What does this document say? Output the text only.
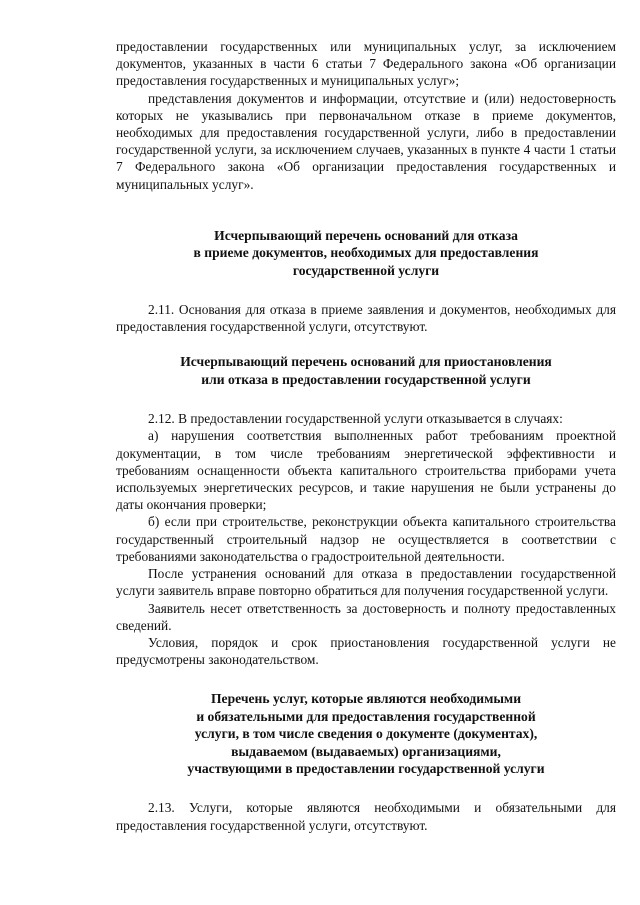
предоставлении государственных или муниципальных услуг, за исключением документов, указанных в части 6 статьи 7 Федерального закона «Об организации предоставления государственных и муниципальных услуг»;

представления документов и информации, отсутствие и (или) недостоверность которых не указывались при первоначальном отказе в приеме документов, необходимых для предоставления государственной услуги, либо в предоставлении государственной услуги, за исключением случаев, указанных в пункте 4 части 1 статьи 7 Федерального закона «Об организации предоставления государственных и муниципальных услуг».

Исчерпывающий перечень оснований для отказа
в приеме документов, необходимых для предоставления
государственной услуги

2.11. Основания для отказа в приеме заявления и документов, необходимых для предоставления государственной услуги, отсутствуют.

Исчерпывающий перечень оснований для приостановления
или отказа в предоставлении государственной услуги

2.12. В предоставлении государственной услуги отказывается в случаях:

а) нарушения соответствия выполненных работ требованиям проектной документации, в том числе требованиям энергетической эффективности и требованиям оснащенности объекта капитального строительства приборами учета используемых энергетических ресурсов, и такие нарушения не были устранены до даты окончания проверки;

б) если при строительстве, реконструкции объекта капитального строительства государственный строительный надзор не осуществляется в соответствии с требованиями законодательства о градостроительной деятельности.

После устранения оснований для отказа в предоставлении государственной услуги заявитель вправе повторно обратиться для получения государственной услуги.

Заявитель несет ответственность за достоверность и полноту предоставленных сведений.

Условия, порядок и срок приостановления государственной услуги не предусмотрены законодательством.

Перечень услуг, которые являются необходимыми
и обязательными для предоставления государственной
услуги, в том числе сведения о документе (документах),
выдаваемом (выдаваемых) организациями,
участвующими в предоставлении государственной услуги

2.13. Услуги, которые являются необходимыми и обязательными для предоставления государственной услуги, отсутствуют.
